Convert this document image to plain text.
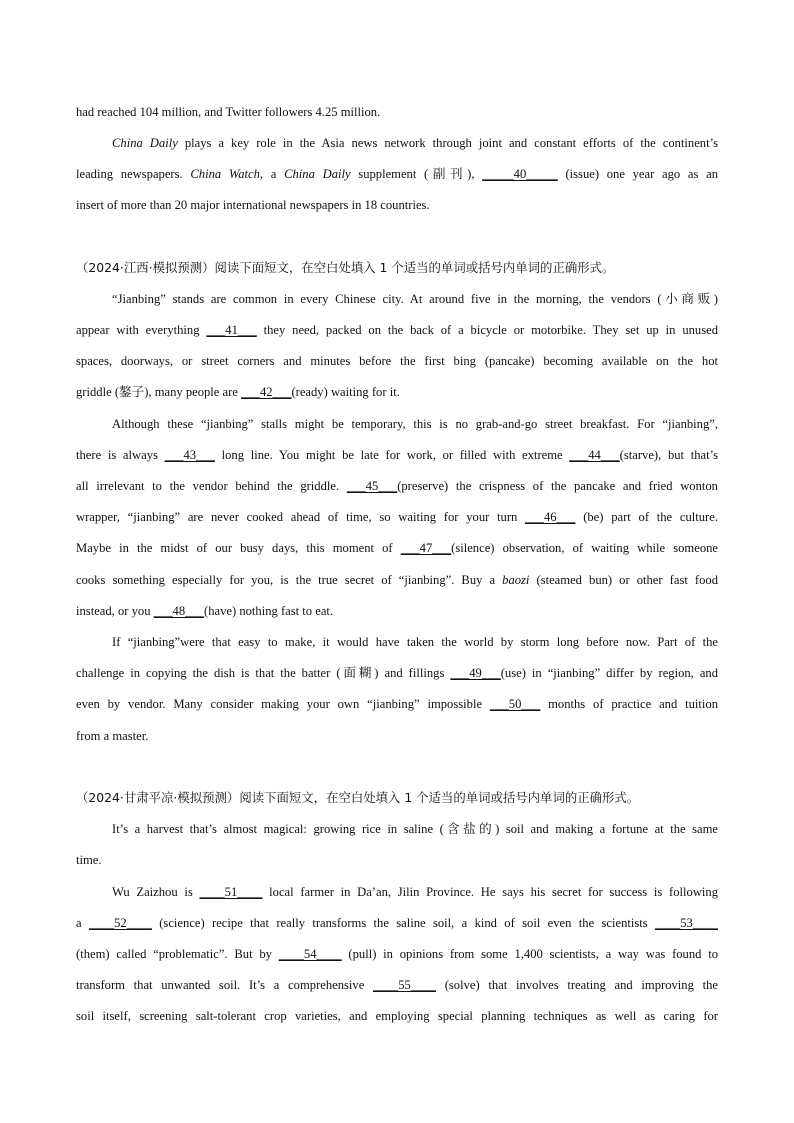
had reached 104 million, and Twitter followers 4.25 million.
China Daily plays a key role in the Asia news network through joint and constant efforts of the continent’s
leading newspapers. China Watch, a China Daily supplement (副刊), _____40_____ (issue) one year ago as an
insert of more than 20 major international newspapers in 18 countries.
（2024·江西·模拟预测）阅读下面短文，在空白处填入 1 个适当的单词或括号内单词的正确形式。
“Jianbing” stands are common in every Chinese city. At around five in the morning, the vendors (小商贩)
appear with everything ___41___ they need, packed on the back of a bicycle or motorbike. They set up in unused
spaces, doorways, or street corners and minutes before the first bing (pancake) becoming available on the hot
griddle (鏊子), many people are ___42___(ready) waiting for it.
Although these “jianbing” stalls might be temporary, this is no grab-and-go street breakfast. For “jianbing”,
there is always ___43___ long line. You might be late for work, or filled with extreme ___44___(starve), but that’s
all irrelevant to the vendor behind the griddle. ___45___(preserve) the crispness of the pancake and fried wonton
wrapper, “jianbing” are never cooked ahead of time, so waiting for your turn ___46___ (be) part of the culture.
Maybe in the midst of our busy days, this moment of ___47___(silence) observation, of waiting while someone
cooks something especially for you, is the true secret of “jianbing”. Buy a baozi (steamed bun) or other fast food
instead, or you ___48___(have) nothing fast to eat.
If “jianbing”were that easy to make, it would have taken the world by storm long before now. Part of the
challenge in copying the dish is that the batter (面糊) and fillings ___49___(use) in “jianbing” differ by region, and
even by vendor. Many consider making your own “jianbing” impossible ___50___ months of practice and tuition
from a master.
（2024·甘肃平凉·模拟预测）阅读下面短文，在空白处填入 1 个适当的单词或括号内单词的正确形式。
It’s a harvest that’s almost magical: growing rice in saline (含盐的) soil and making a fortune at the same
time.
Wu Zaizhou is ____51____ local farmer in Da’an, Jilin Province. He says his secret for success is following
a ____52____ (science) recipe that really transforms the saline soil, a kind of soil even the scientists ____53____
(them) called “problematic”. But by ____54____ (pull) in opinions from some 1,400 scientists, a way was found to
transform that unwanted soil. It’s a comprehensive ____55____ (solve) that involves treating and improving the
soil itself, screening salt-tolerant crop varieties, and employing special planning techniques as well as caring for
